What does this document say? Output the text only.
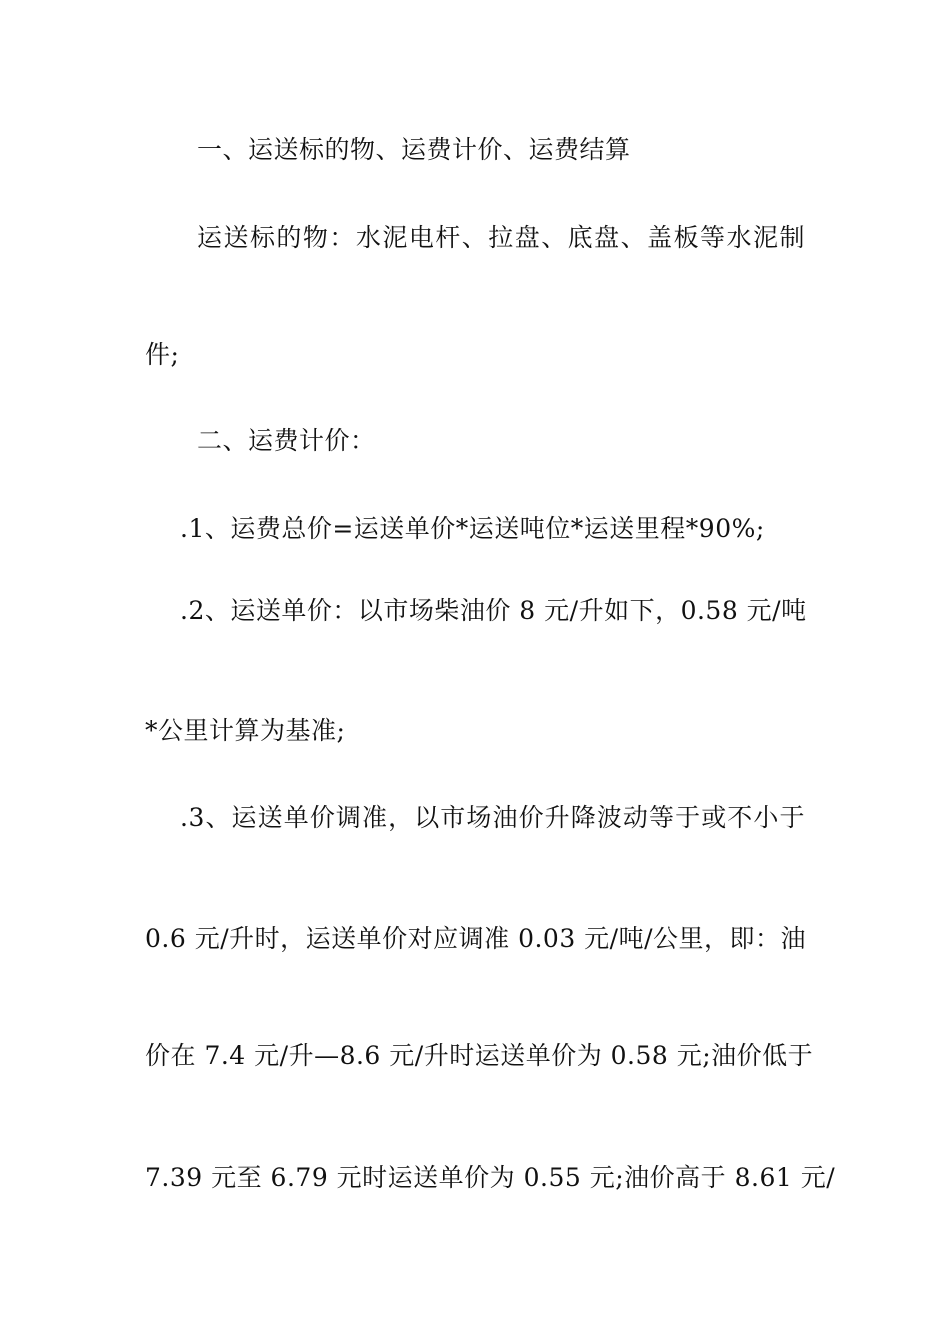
一、运送标的物、运费计价、运费结算
运送标的物：水泥电杆、拉盘、底盘、盖板等水泥制
件;
二、运费计价：
.1、运费总价=运送单价*运送吨位*运送里程*90%;
.2、运送单价：以市场柴油价 8 元/升如下，0.58 元/吨
*公里计算为基准;
.3、运送单价调准，以市场油价升降波动等于或不小于
0.6 元/升时，运送单价对应调准 0.03 元/吨/公里，即：油
价在 7.4 元/升—8.6 元/升时运送单价为 0.58 元;油价低于
7.39 元至 6.79 元时运送单价为 0.55 元;油价高于 8.61 元/
